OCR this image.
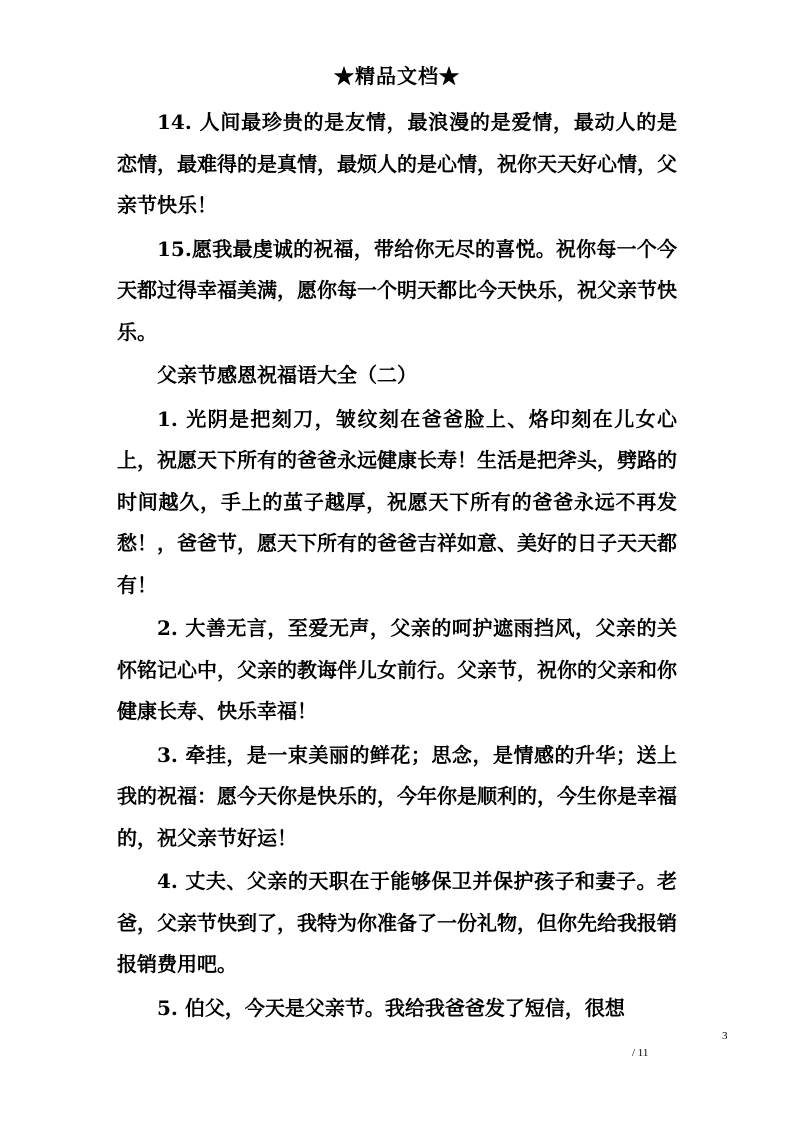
★精品文档★

14. 人间最珍贵的是友情，最浪漫的是爱情，最动人的是恋情，最难得的是真情，最烦人的是心情，祝你天天好心情，父亲节快乐！

15.愿我最虔诚的祝福，带给你无尽的喜悦。祝你每一个今天都过得幸福美满，愿你每一个明天都比今天快乐，祝父亲节快乐。

父亲节感恩祝福语大全（二）

1. 光阴是把刻刀，皱纹刻在爸爸脸上、烙印刻在儿女心上，祝愿天下所有的爸爸永远健康长寿！生活是把斧头，劈路的时间越久，手上的茧子越厚，祝愿天下所有的爸爸永远不再发愁！，爸爸节，愿天下所有的爸爸吉祥如意、美好的日子天天都有！

2. 大善无言，至爱无声，父亲的呵护遮雨挡风，父亲的关怀铭记心中，父亲的教诲伴儿女前行。父亲节，祝你的父亲和你健康长寿、快乐幸福！

3. 牵挂，是一束美丽的鲜花；思念，是情感的升华；送上我的祝福：愿今天你是快乐的，今年你是顺利的，今生你是幸福的，祝父亲节好运！

4. 丈夫、父亲的天职在于能够保卫并保护孩子和妻子。老爸，父亲节快到了，我特为你准备了一份礼物，但你先给我报销报销费用吧。

5. 伯父，今天是父亲节。我给我爸爸发了短信，很想

3
/ 11
